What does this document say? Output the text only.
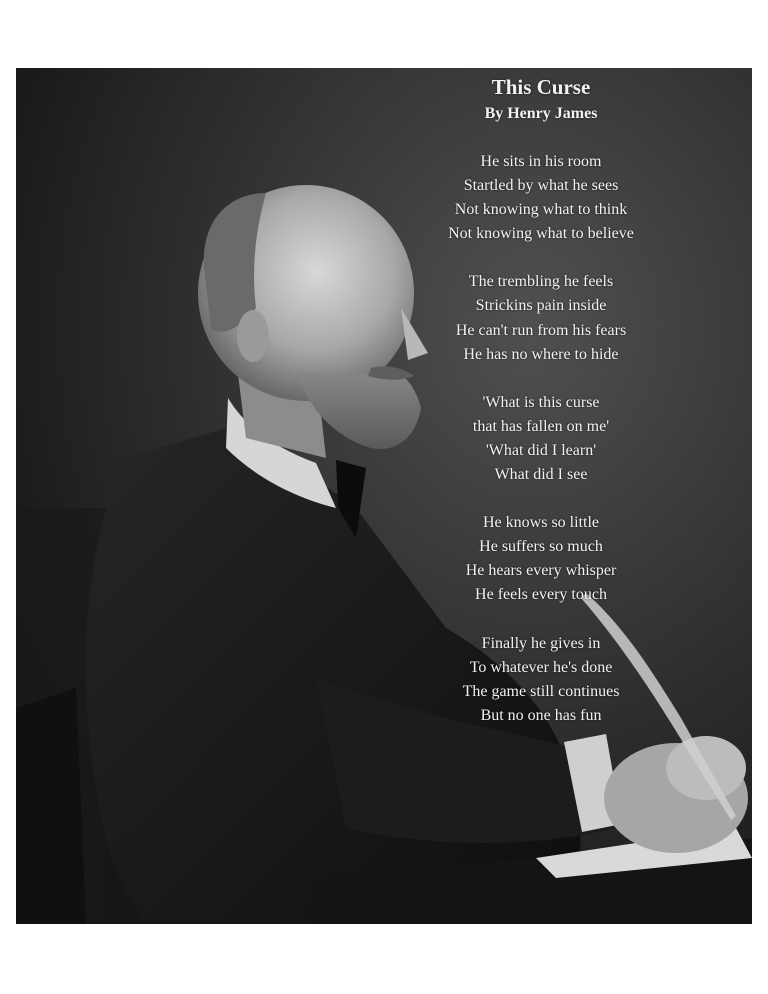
This Curse
By Henry James
He sits in his room
Startled by what he sees
Not knowing what to think
Not knowing what to believe
The trembling he feels
Strickins pain inside
He can't run from his fears
He has no where to hide
'What is this curse
that has fallen on me'
'What did I learn'
What did I see
He knows so little
He suffers so much
He hears every whisper
He feels every touch
Finally he gives in
To whatever he's done
The game still continues
But no one has fun
